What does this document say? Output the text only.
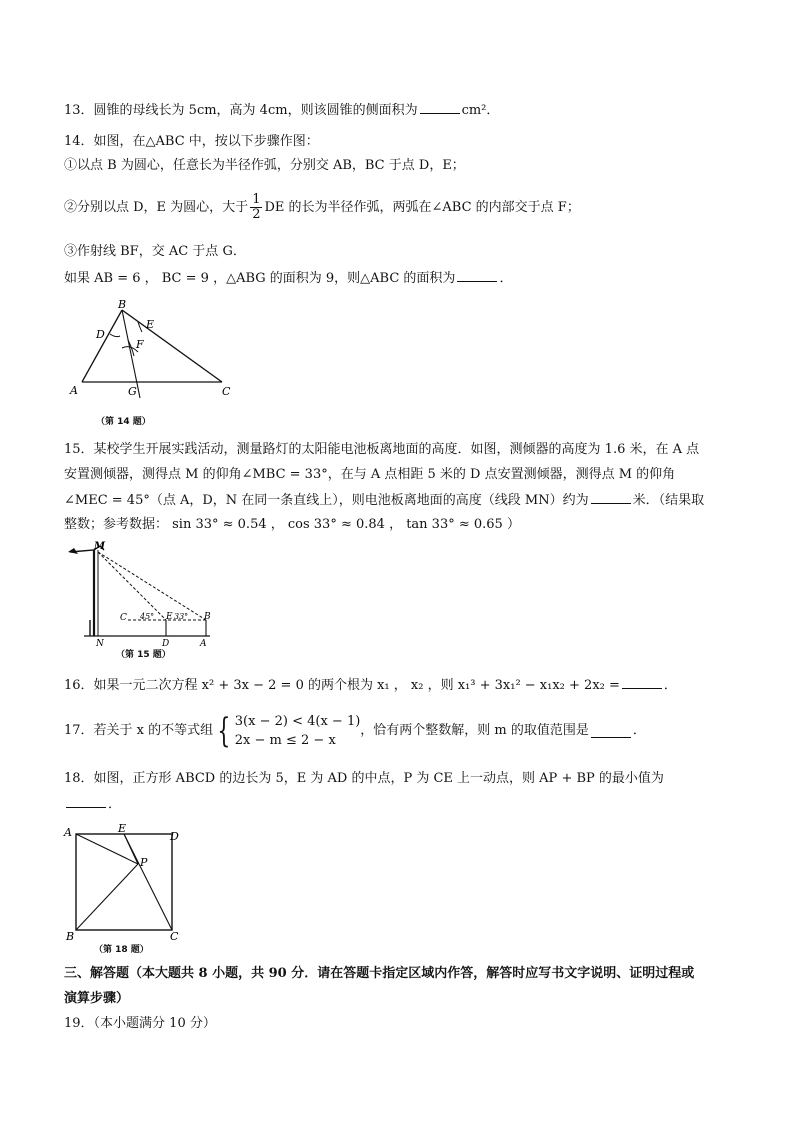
13．圆锥的母线长为 5cm，高为 4cm，则该圆锥的侧面积为	cm²．
14．如图，在△ABC 中，按以下步骤作图：
①以点 B 为圆心，任意长为半径作弧，分别交 AB，BC 于点 D，E；
②分别以点 D，E 为圆心，大于 $\frac{1}{2}$ DE 的长为半径作弧，两弧在∠ABC 的内部交于点 F；
③作射线 BF，交 AC 于点 G．
如果 AB = 6 ， BC = 9 ，△ABG 的面积为 9，则△ABC 的面积为	．
B
D
E
F
A	G	C
（第 14 题）
15．某校学生开展实践活动，测量路灯的太阳能电池板离地面的高度．如图，测倾器的高度为 1.6 米，在 A 点
安置测倾器，测得点 M 的仰角∠MBC = 33°，在与 A 点相距 5 米的 D 点安置测倾器，测得点 M 的仰角
∠MEC = 45°（点 A，D，N 在同一条直线上），则电池板离地面的高度（线段 MN）约为	米．（结果取
整数；参考数据： sin 33° ≈ 0.54 ， cos 33° ≈ 0.84 ， tan 33° ≈ 0.65 ）
M
C 45° E 33° B
N	D	A
（第 15 题）
16．如果一元二次方程 x² + 3x − 2 = 0 的两个根为 x₁ ， x₂ ，则 x₁³ + 3x₁² − x₁x₂ + 2x₂ =	．
17．若关于 x 的不等式组 { 3(x − 2) < 4(x − 1)
2x − m ≤ 2 − x
，恰有两个整数解，则 m 的取值范围是	．
18．如图，正方形 ABCD 的边长为 5，E 为 AD 的中点，P 为 CE 上一动点，则 AP + BP 的最小值为
．
A	E
D
P
B	C
（第 18 题）
三、解答题（本大题共 8 小题，共 90 分．请在答题卡指定区域内作答，解答时应写书文字说明、证明过程或
演算步骤）
19．（本小题满分 10 分）
